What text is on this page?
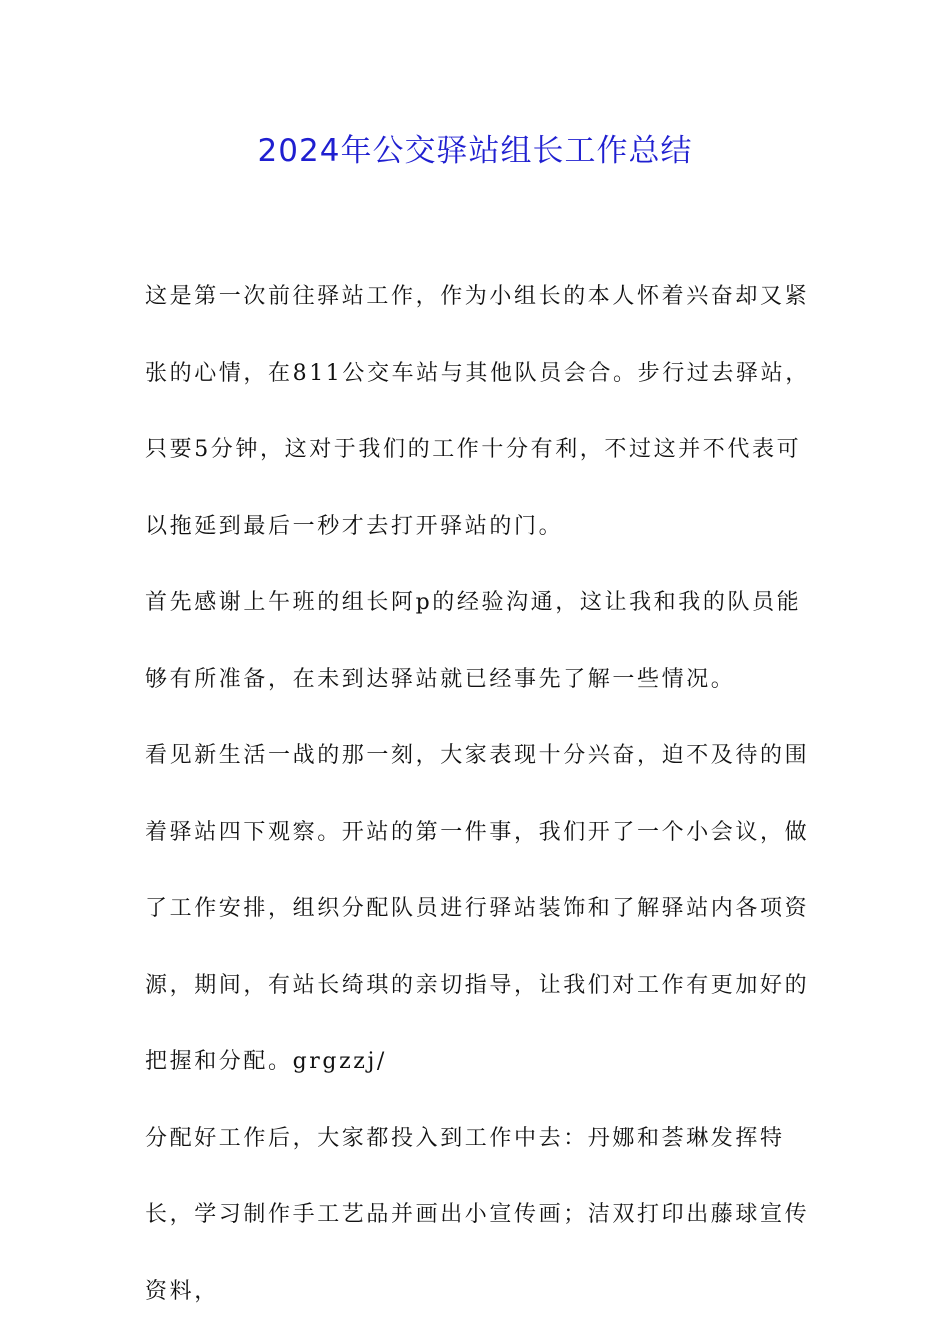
2024年公交驿站组长工作总结

这是第一次前往驿站工作，作为小组长的本人怀着兴奋却又紧张的心情，在811公交车站与其他队员会合。步行过去驿站，只要5分钟，这对于我们的工作十分有利，不过这并不代表可以拖延到最后一秒才去打开驿站的门。

首先感谢上午班的组长阿p的经验沟通，这让我和我的队员能够有所准备，在未到达驿站就已经事先了解一些情况。

看见新生活一战的那一刻，大家表现十分兴奋，迫不及待的围着驿站四下观察。开站的第一件事，我们开了一个小会议，做了工作安排，组织分配队员进行驿站装饰和了解驿站内各项资源，期间，有站长绮琪的亲切指导，让我们对工作有更加好的把握和分配。grgzzj/

分配好工作后，大家都投入到工作中去：丹娜和荟琳发挥特长，学习制作手工艺品并画出小宣传画；洁双打印出藤球宣传资料，
